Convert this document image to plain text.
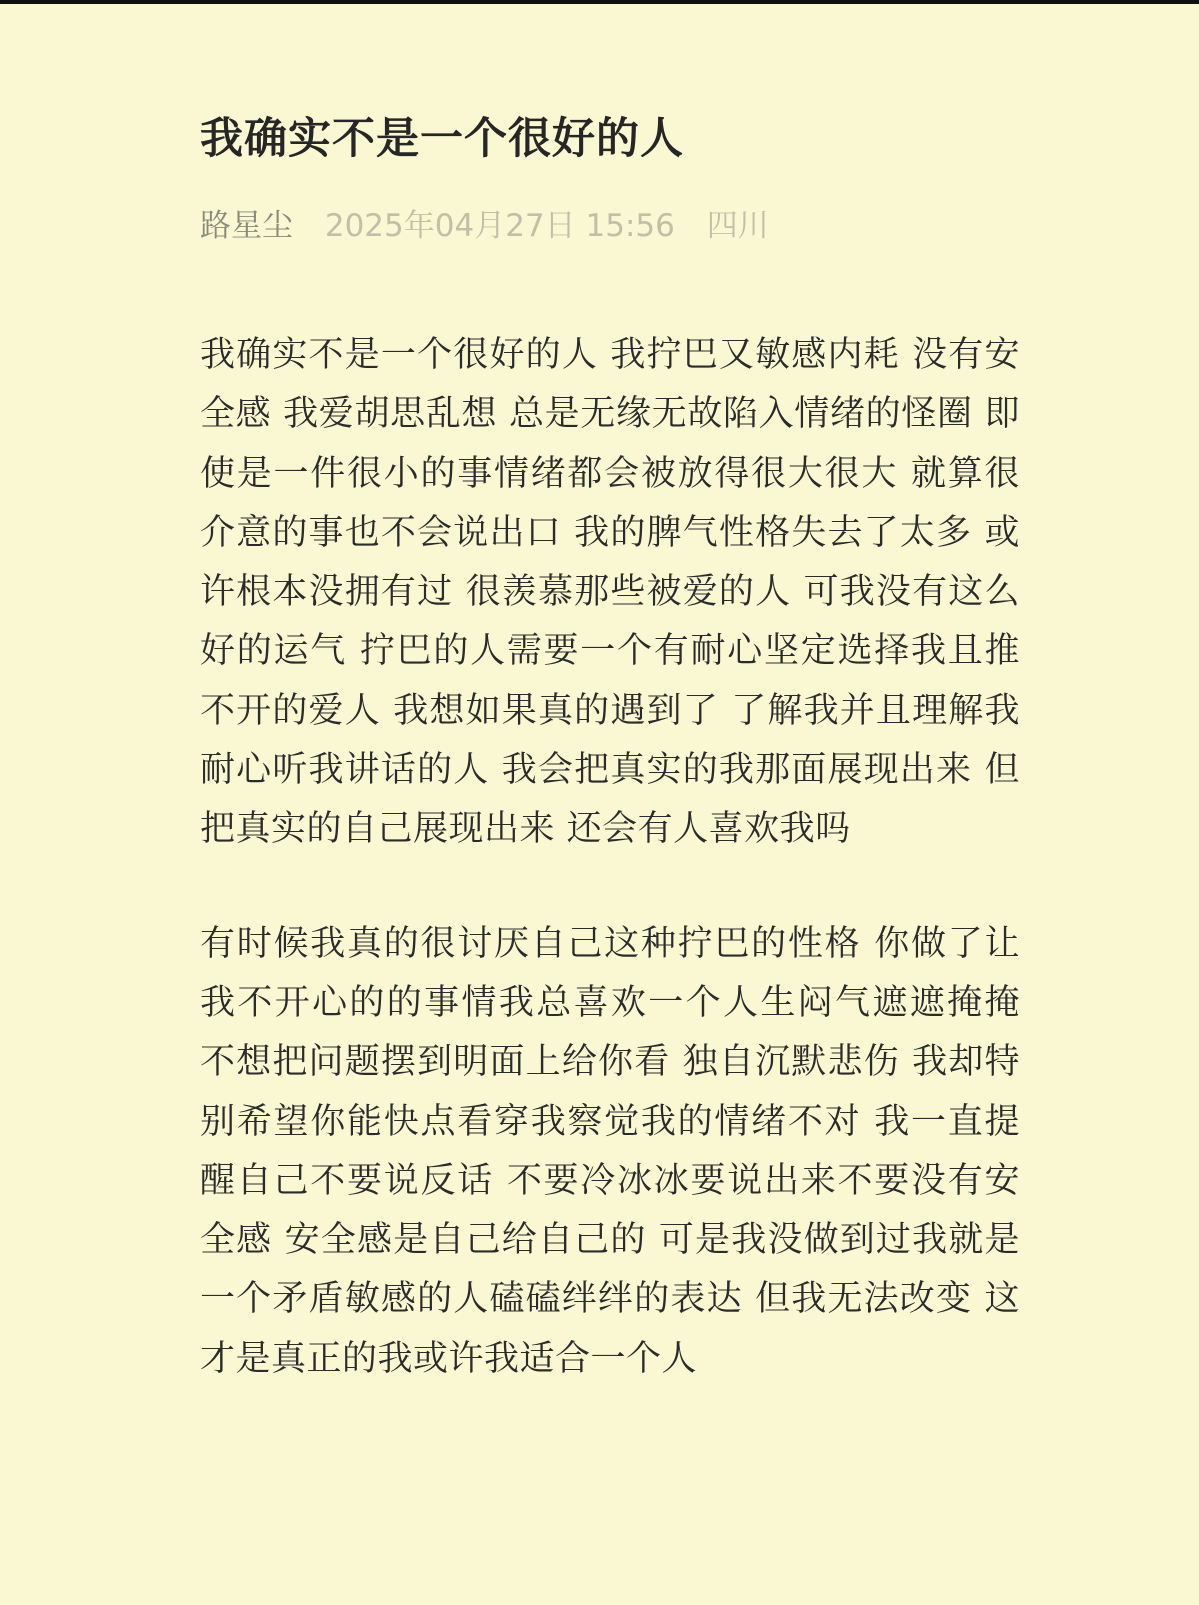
我确实不是一个很好的人
路星尘 2025年04月27日 15:56 四川

我确实不是一个很好的人 我拧巴又敏感内耗 没有安全感 我爱胡思乱想 总是无缘无故陷入情绪的怪圈 即使是一件很小的事情绪都会被放得很大很大 就算很介意的事也不会说出口 我的脾气性格失去了太多 或许根本没拥有过 很羡慕那些被爱的人 可我没有这么好的运气 拧巴的人需要一个有耐心坚定选择我且推不开的爱人 我想如果真的遇到了 了解我并且理解我耐心听我讲话的人 我会把真实的我那面展现出来 但把真实的自己展现出来 还会有人喜欢我吗

有时候我真的很讨厌自己这种拧巴的性格 你做了让我不开心的的事情我总喜欢一个人生闷气遮遮掩掩 不想把问题摆到明面上给你看 独自沉默悲伤 我却特别希望你能快点看穿我察觉我的情绪不对 我一直提醒自己不要说反话 不要冷冰冰要说出来不要没有安全感 安全感是自己给自己的 可是我没做到过我就是一个矛盾敏感的人磕磕绊绊的表达 但我无法改变 这才是真正的我或许我适合一个人
